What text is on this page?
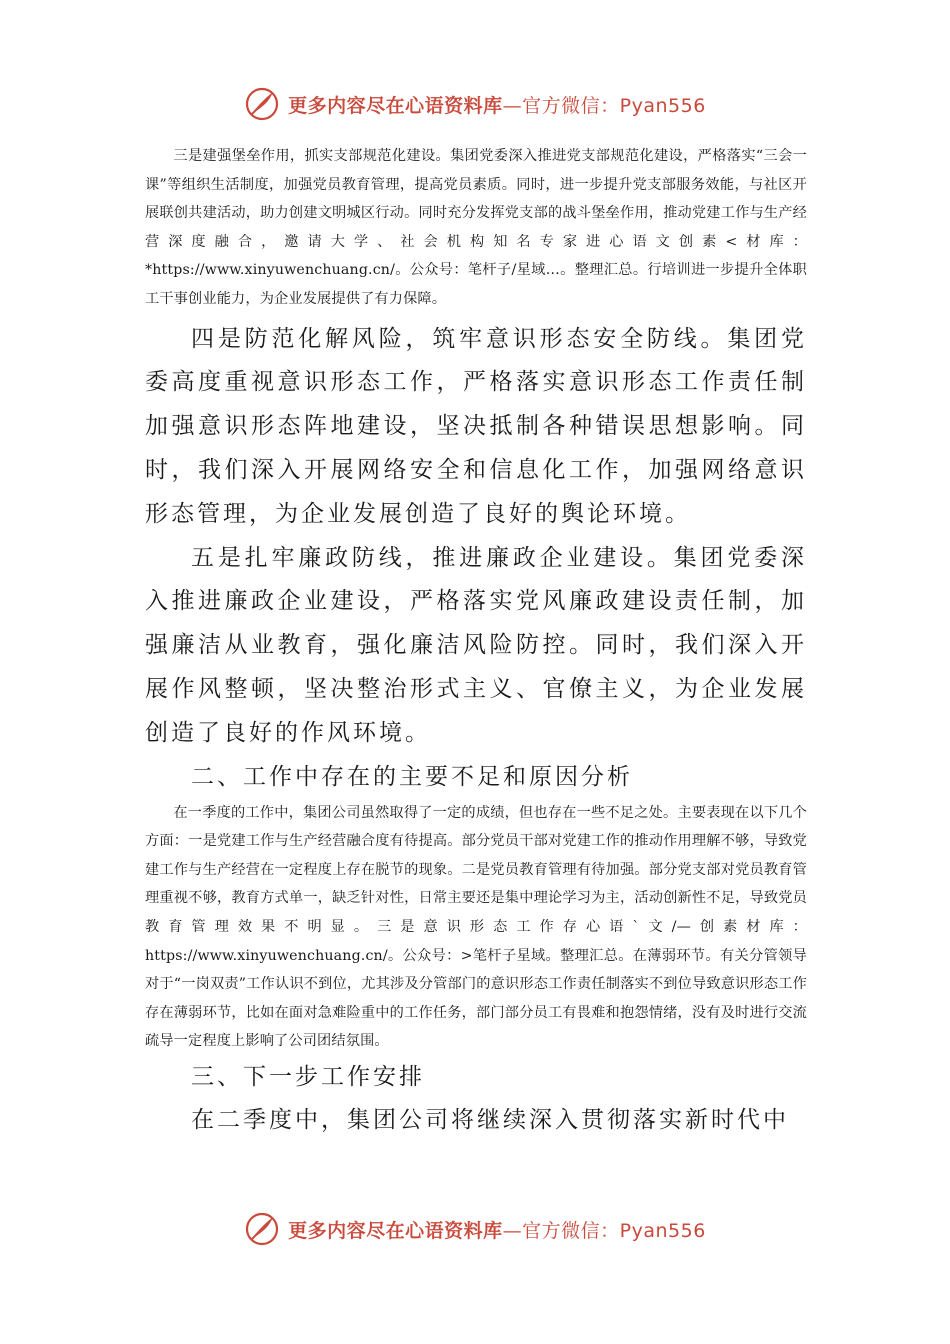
更多内容尽在心语资料库—官方微信：Pyan556

三是建强堡垒作用，抓实支部规范化建设。集团党委深入推进党支部规范化建设，严格落实“三会一课”等组织生活制度，加强党员教育管理，提高党员素质。同时，进一步提升党支部服务效能，与社区开展联创共建活动，助力创建文明城区行动。同时充分发挥党支部的战斗堡垒作用，推动党建工作与生产经营深度融合，邀请大学、社会机构知名专家进心语文创素<材库：*https://www.xinyuwenchuang.cn/。公众号：笔杆子/星域…。整理汇总。行培训进一步提升全体职工干事创业能力，为企业发展提供了有力保障。

四是防范化解风险，筑牢意识形态安全防线。集团党委高度重视意识形态工作，严格落实意识形态工作责任制加强意识形态阵地建设，坚决抵制各种错误思想影响。同时，我们深入开展网络安全和信息化工作，加强网络意识形态管理，为企业发展创造了良好的舆论环境。

五是扎牢廉政防线，推进廉政企业建设。集团党委深入推进廉政企业建设，严格落实党风廉政建设责任制，加强廉洁从业教育，强化廉洁风险防控。同时，我们深入开展作风整顿，坚决整治形式主义、官僚主义，为企业发展创造了良好的作风环境。

二、工作中存在的主要不足和原因分析

在一季度的工作中，集团公司虽然取得了一定的成绩，但也存在一些不足之处。主要表现在以下几个方面：一是党建工作与生产经营融合度有待提高。部分党员干部对党建工作的推动作用理解不够，导致党建工作与生产经营在一定程度上存在脱节的现象。二是党员教育管理有待加强。部分党支部对党员教育管理重视不够，教育方式单一，缺乏针对性，日常主要还是集中理论学习为主，活动创新性不足，导致党员教育管理效果不明显。三是意识形态工作存心语`文/—创素材库：https://www.xinyuwenchuang.cn/。公众号：>笔杆子星域。整理汇总。在薄弱环节。有关分管领导对于“一岗双责”工作认识不到位，尤其涉及分管部门的意识形态工作责任制落实不到位导致意识形态工作存在薄弱环节，比如在面对急难险重中的工作任务，部门部分员工有畏难和抱怨情绪，没有及时进行交流疏导一定程度上影响了公司团结氛围。

三、下一步工作安排

在二季度中，集团公司将继续深入贯彻落实新时代中

更多内容尽在心语资料库—官方微信：Pyan556
